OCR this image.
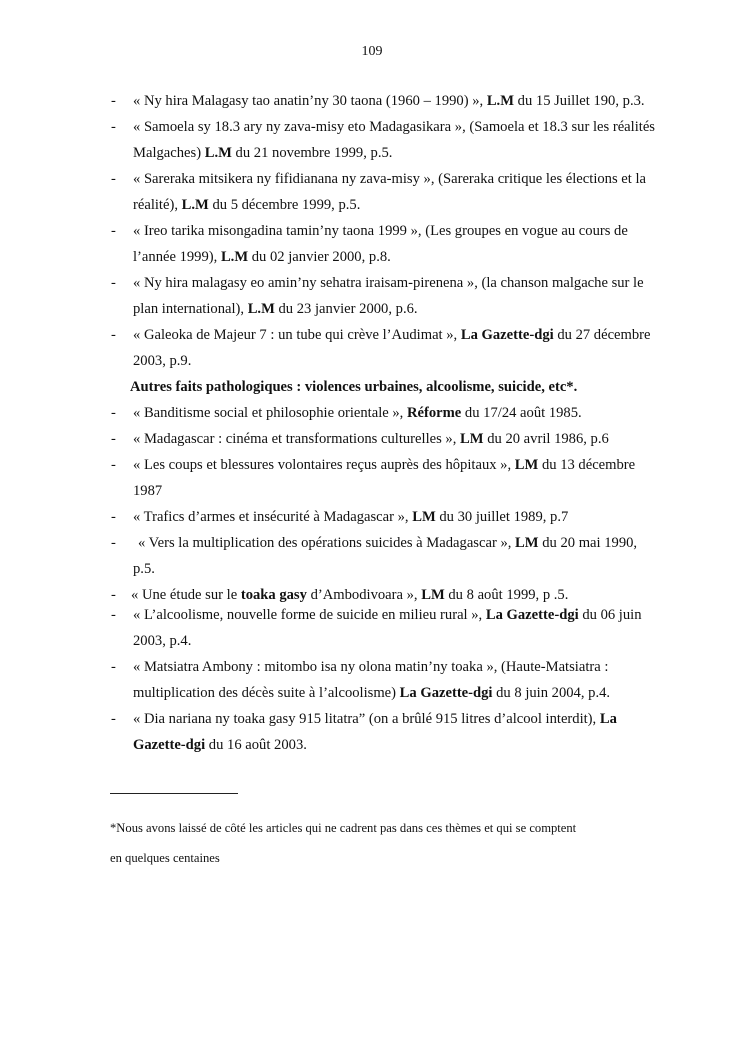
109
- « Ny hira Malagasy tao anatin’ny 30 taona (1960 – 1990) », L.M du 15 Juillet 190, p.3.
- « Samoela sy 18.3 ary ny zava-misy eto Madagasikara », (Samoela et 18.3 sur les réalités Malgaches) L.M du 21 novembre 1999, p.5.
- « Sareraka mitsikera ny fifidianana ny zava-misy », (Sareraka critique les élections et la réalité), L.M du 5 décembre 1999, p.5.
- « Ireo tarika misongadina tamin’ny taona 1999 », (Les groupes en vogue au cours de l’année 1999), L.M du 02 janvier 2000, p.8.
- « Ny hira malagasy eo amin’ny sehatra iraisam-pirenena », (la chanson malgache sur le plan international), L.M du 23 janvier 2000, p.6.
- « Galeoka de Majeur 7 : un tube qui crève l’Audimat », La Gazette-dgi du 27 décembre 2003, p.9.
Autres faits pathologiques : violences urbaines, alcoolisme, suicide, etc*.
- « Banditisme social et philosophie orientale », Réforme du 17/24 août 1985.
- « Madagascar : cinéma et transformations culturelles », LM du 20 avril 1986, p.6
- « Les coups et blessures volontaires reçus auprès des hôpitaux », LM du 13 décembre 1987
- « Trafics d’armes et insécurité à Madagascar », LM du 30 juillet 1989, p.7
- « Vers la multiplication des opérations suicides à Madagascar », LM du 20 mai 1990, p.5.
- « Une étude sur le toaka gasy d’Ambodivoara », LM du 8 août 1999, p .5.
- « L’alcoolisme, nouvelle forme de suicide en milieu rural », La Gazette-dgi du 06 juin 2003, p.4.
- « Matsiatra Ambony : mitombo isa ny olona matin’ny toaka », (Haute-Matsiatra : multiplication des décès suite à l’alcoolisme) La Gazette-dgi du 8 juin 2004, p.4.
- « Dia nariana ny toaka gasy 915 litatra” (on a brûlé 915 litres d’alcool interdit), La Gazette-dgi du 16 août 2003.
*Nous avons laissé de côté les articles qui ne cadrent pas dans ces thèmes et qui se comptent
en quelques centaines
